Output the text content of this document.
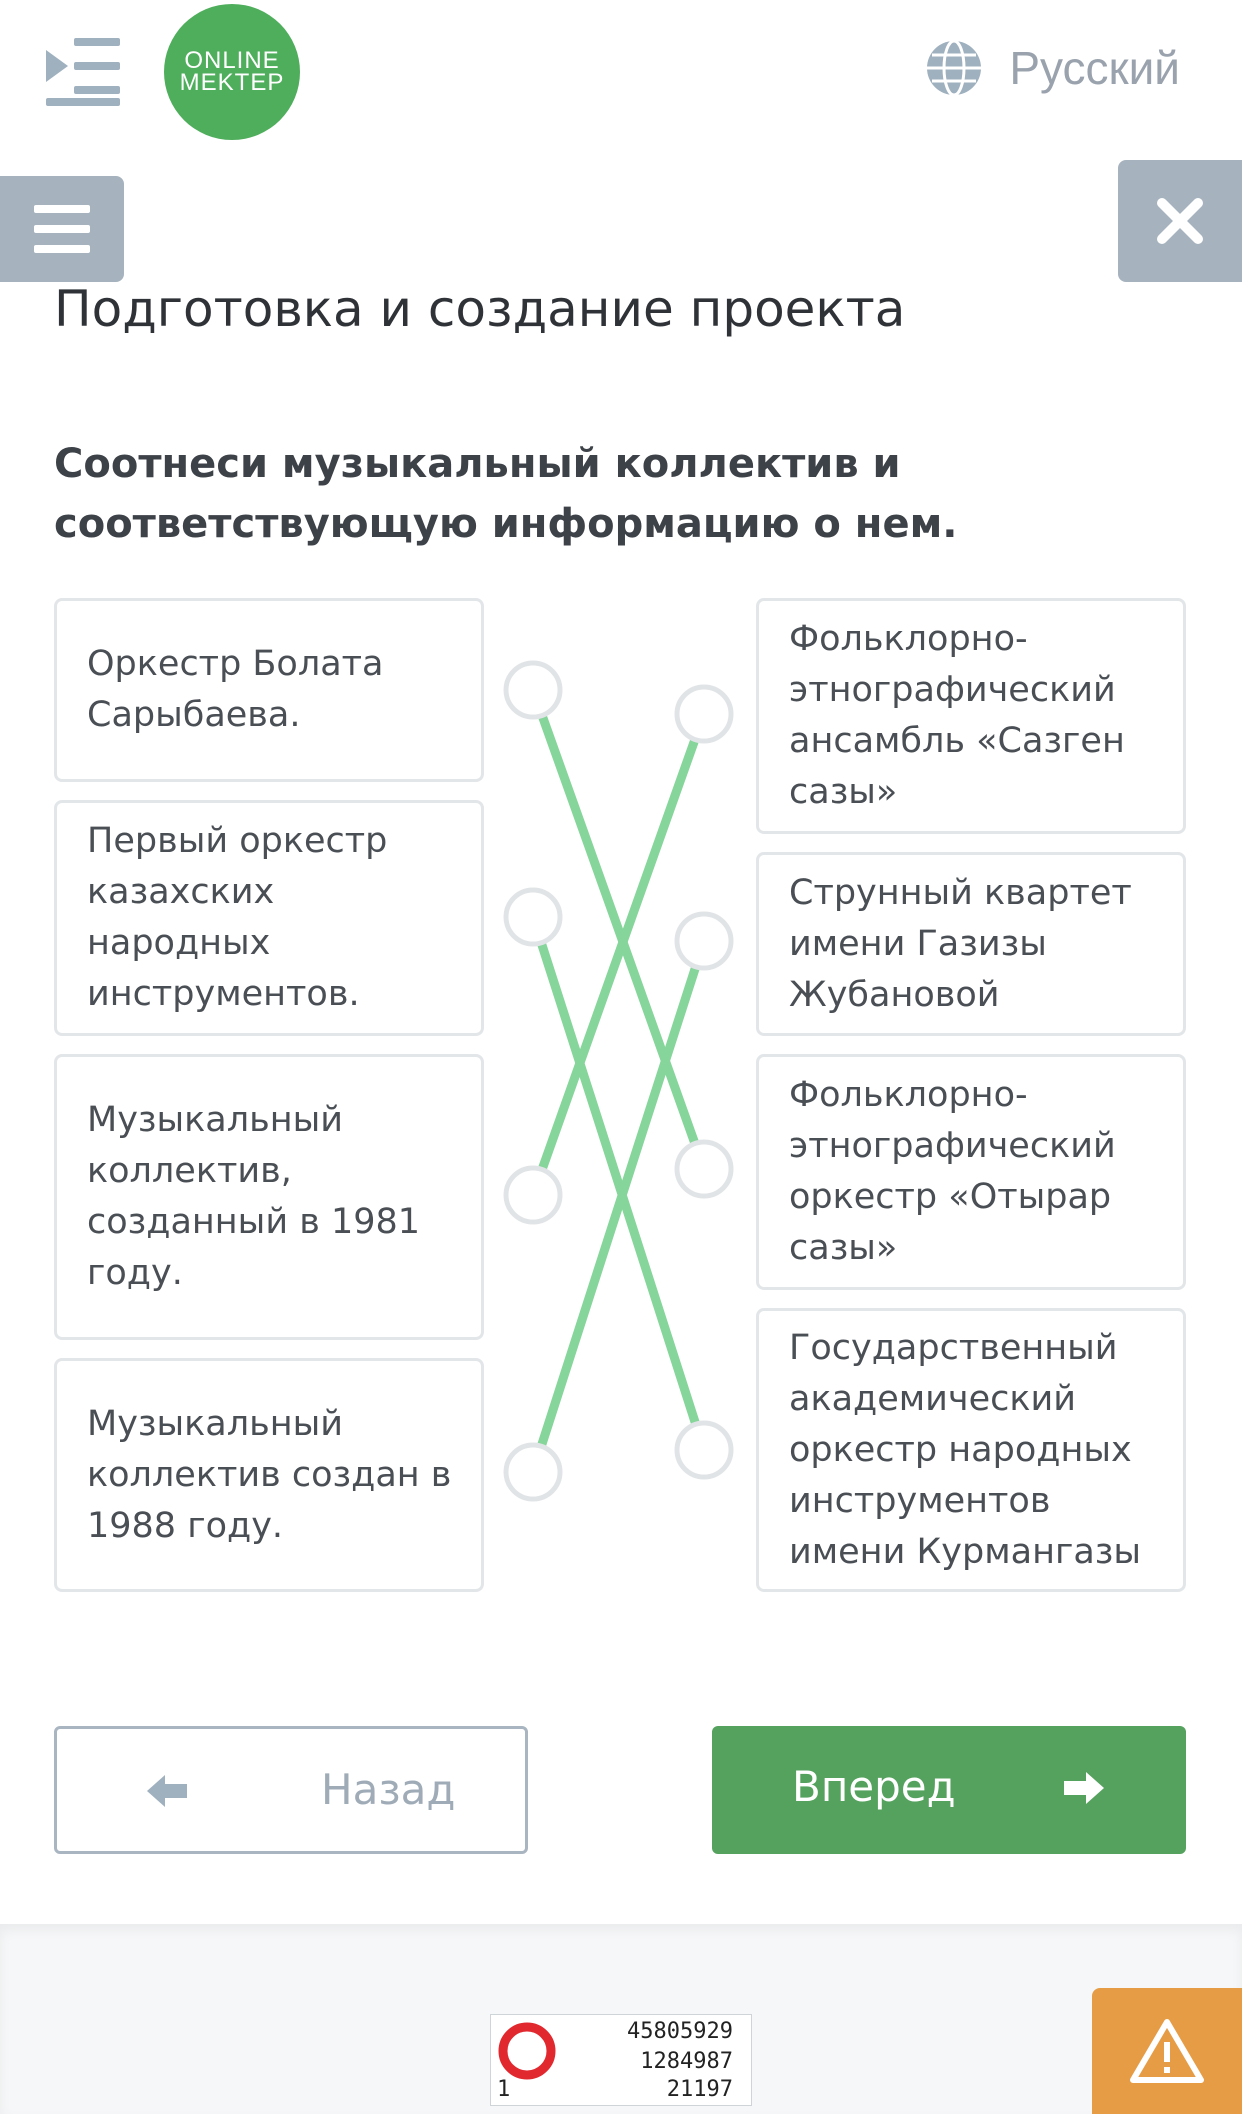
ONLINE
MEKTEP	Русский
Подготовка и создание проекта
Соотнеси музыкальный коллектив и соответствующую информацию о нем.
Оркестр Болата
Сарыбаева.
Первый оркестр
казахских народных
инструментов.
Музыкальный
коллектив,
созданный в 1981
году.
Музыкальный
коллектив создан в
1988 году.
Фольклорно-
этнографический
ансамбль «Сазген
сазы»
Струнный квартет
имени Газизы
Жубановой
Фольклорно-
этнографический
оркестр «Отырар
сазы»
Государственный
академический
оркестр народных
инструментов
имени Курмангазы
Назад	Вперед
45805929
1284987
21197
1
